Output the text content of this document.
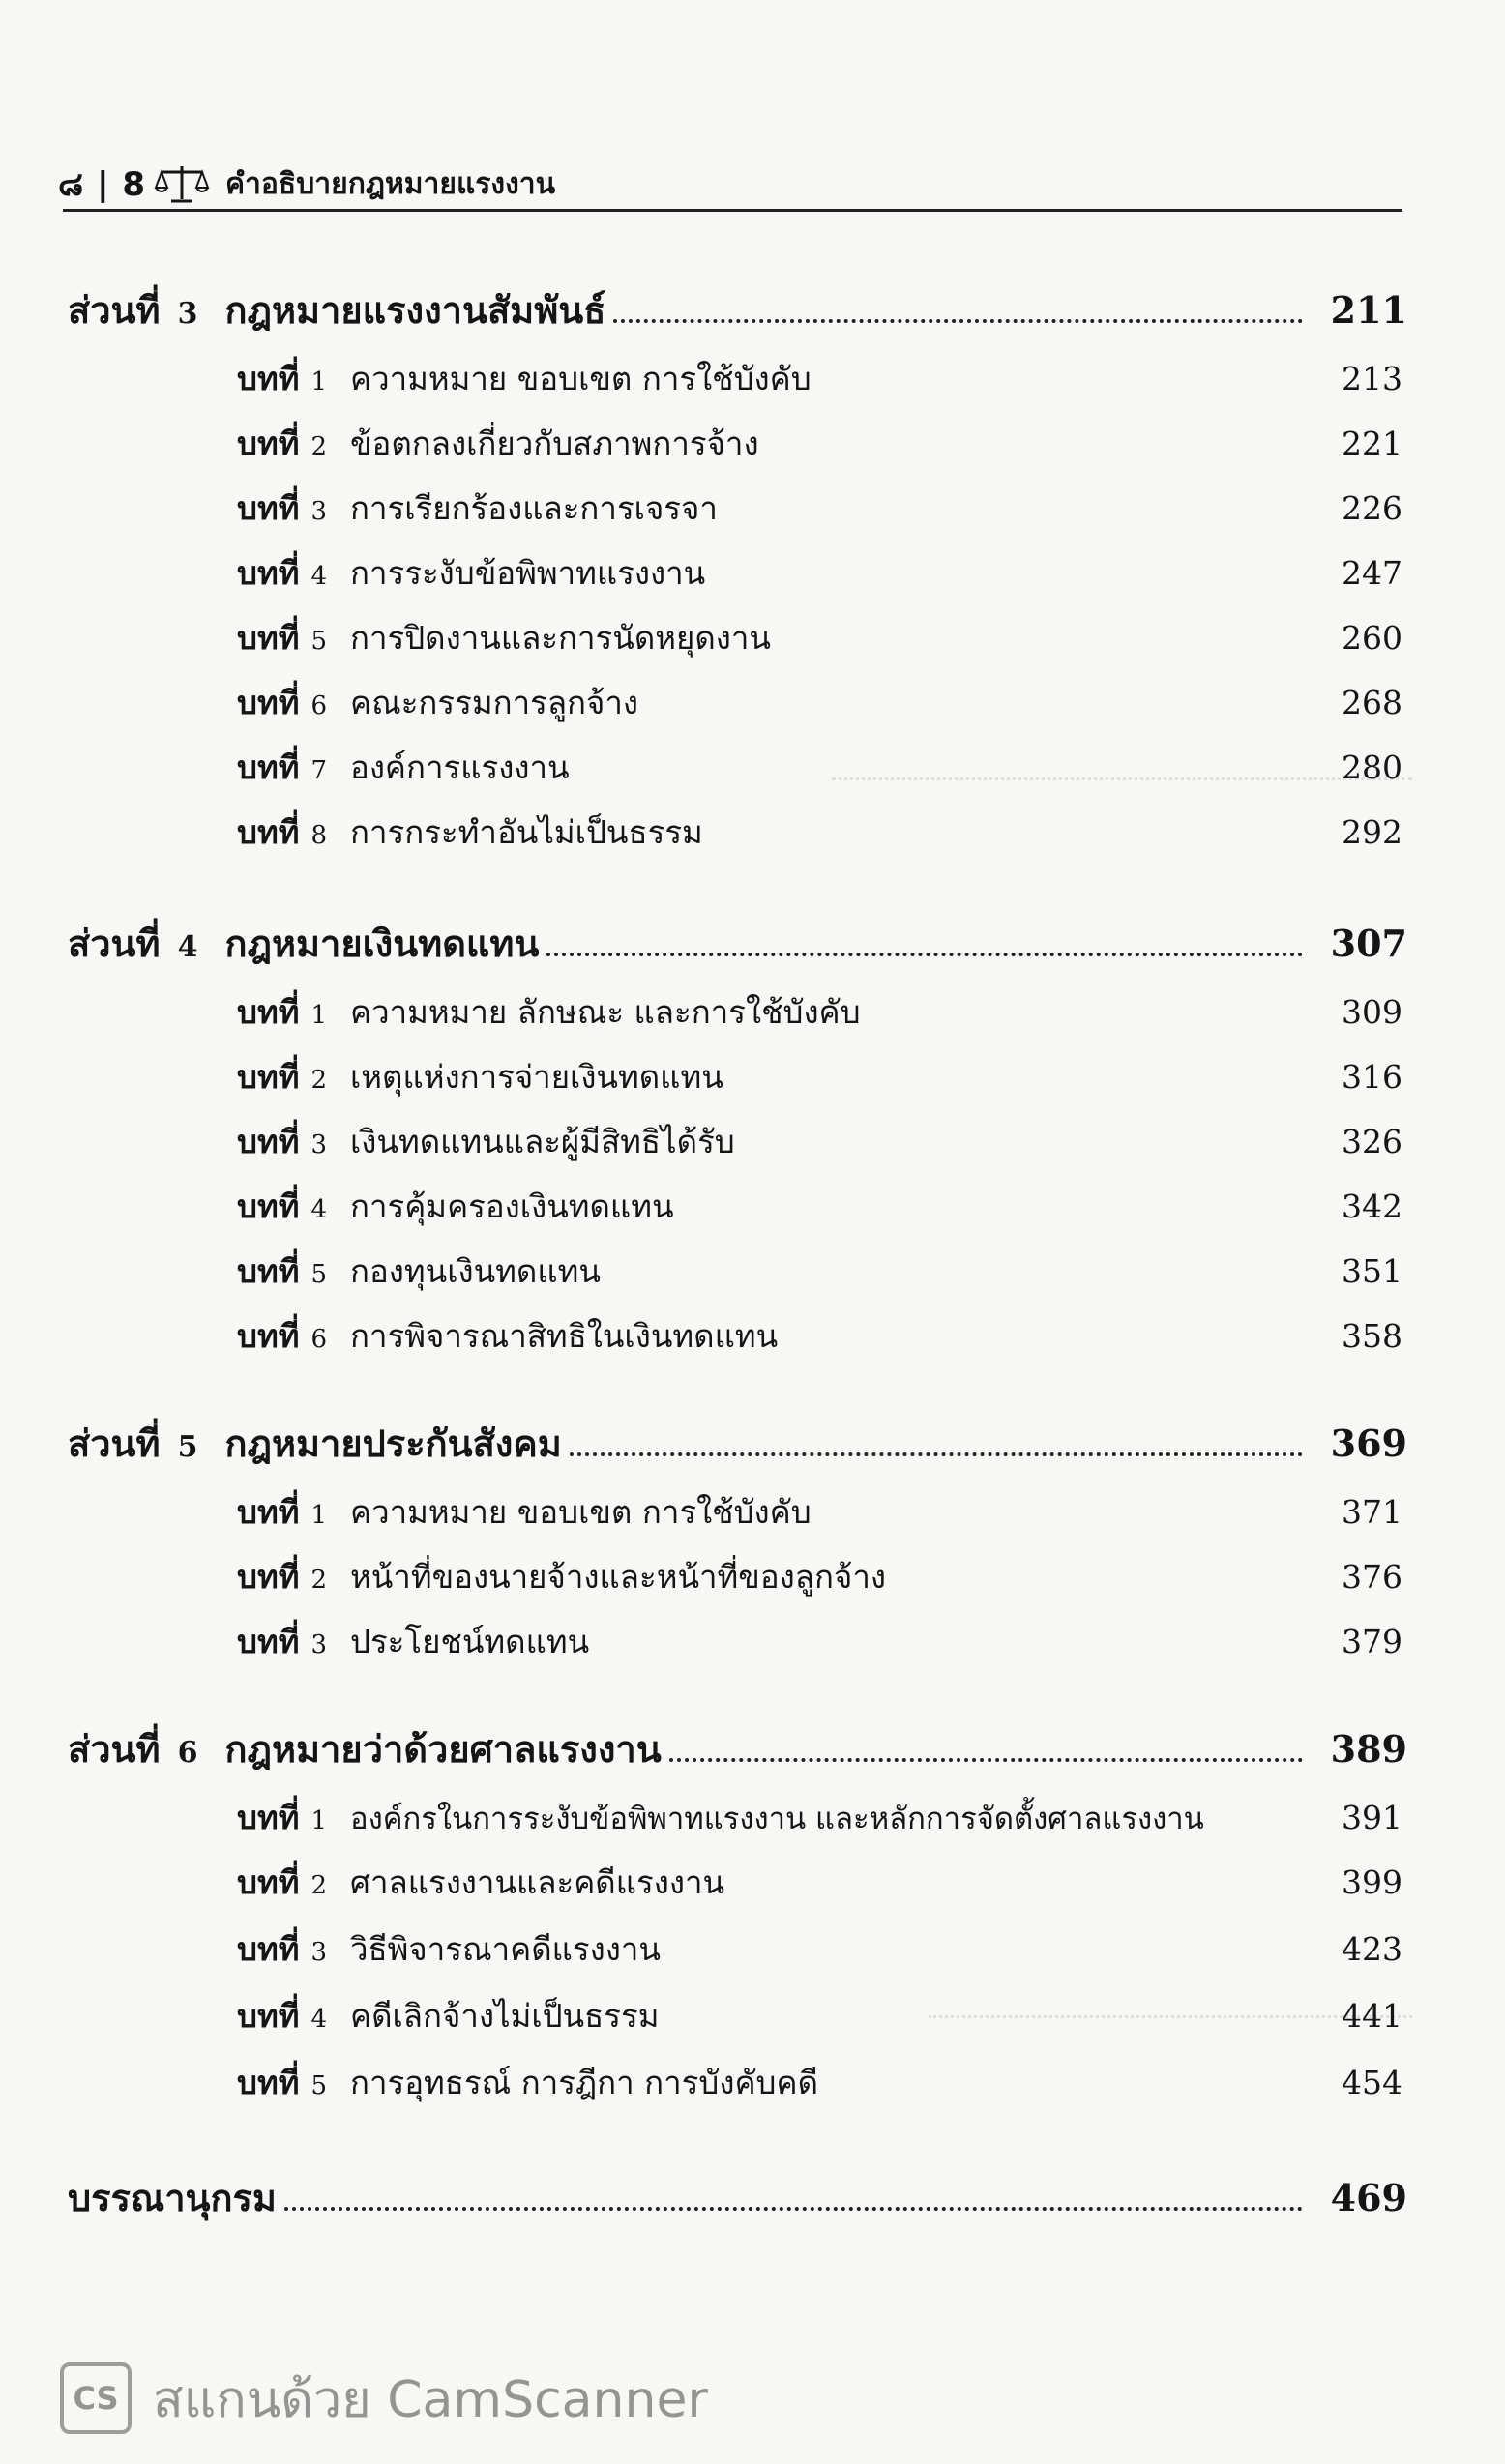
๘ | 8	คำอธิบายกฎหมายแรงงาน
ส่วนที่ 3 กฎหมายแรงงานสัมพันธ์	211
บทที่ 1 ความหมาย ขอบเขต การใช้บังคับ	213
บทที่ 2 ข้อตกลงเกี่ยวกับสภาพการจ้าง	221
บทที่ 3 การเรียกร้องและการเจรจา	226
บทที่ 4 การระงับข้อพิพาทแรงงาน	247
บทที่ 5 การปิดงานและการนัดหยุดงาน	260
บทที่ 6 คณะกรรมการลูกจ้าง	268
บทที่ 7 องค์การแรงงาน	280
บทที่ 8 การกระทำอันไม่เป็นธรรม	292
ส่วนที่ 4 กฎหมายเงินทดแทน	307
บทที่ 1 ความหมาย ลักษณะ และการใช้บังคับ	309
บทที่ 2 เหตุแห่งการจ่ายเงินทดแทน	316
บทที่ 3 เงินทดแทนและผู้มีสิทธิได้รับ	326
บทที่ 4 การคุ้มครองเงินทดแทน	342
บทที่ 5 กองทุนเงินทดแทน	351
บทที่ 6 การพิจารณาสิทธิในเงินทดแทน	358
ส่วนที่ 5 กฎหมายประกันสังคม	369
บทที่ 1 ความหมาย ขอบเขต การใช้บังคับ	371
บทที่ 2 หน้าที่ของนายจ้างและหน้าที่ของลูกจ้าง	376
บทที่ 3 ประโยชน์ทดแทน	379
ส่วนที่ 6 กฎหมายว่าด้วยศาลแรงงาน	389
บทที่ 1 องค์กรในการระงับข้อพิพาทแรงงาน และหลักการจัดตั้งศาลแรงงาน	391
บทที่ 2 ศาลแรงงานและคดีแรงงาน	399
บทที่ 3 วิธีพิจารณาคดีแรงงาน	423
บทที่ 4 คดีเลิกจ้างไม่เป็นธรรม	441
บทที่ 5 การอุทธรณ์ การฎีกา การบังคับคดี	454
บรรณานุกรม	469
CS สแกนด้วย CamScanner
